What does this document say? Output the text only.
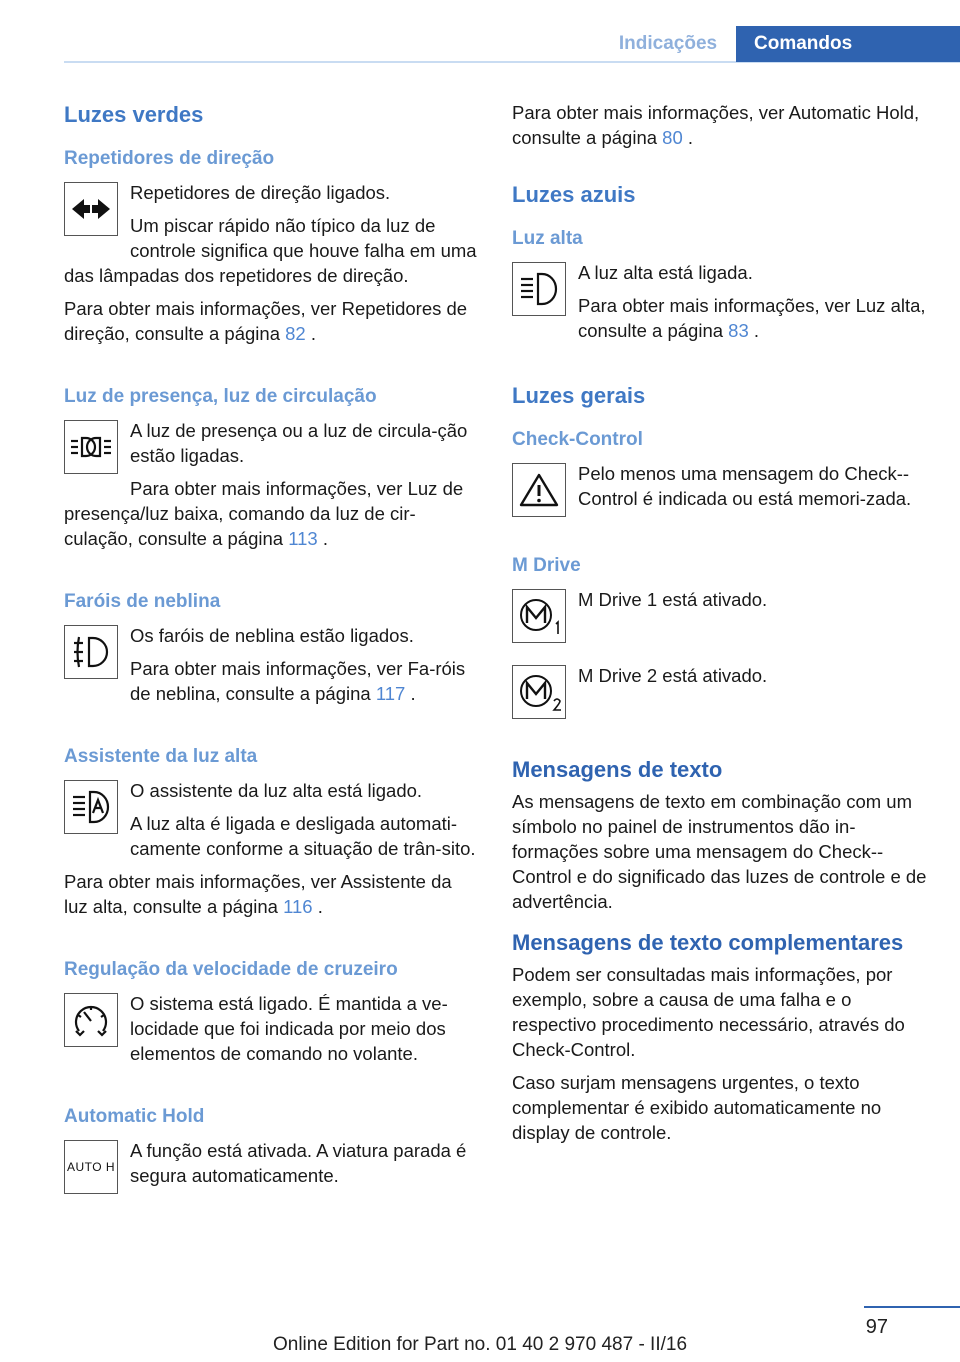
Indicações	Comandos
Luzes verdes
Repetidores de direção
Repetidores de direção ligados.
Um piscar rápido não típico da luz de controle significa que houve falha em uma das lâmpadas dos repetidores de direção.
Para obter mais informações, ver Repetidores de direção, consulte a página 82 .
Luz de presença, luz de circulação
A luz de presença ou a luz de circula‐ção estão ligadas.
Para obter mais informações, ver Luz de presença/luz baixa, comando da luz de cir‐culação, consulte a página 113 .
Faróis de neblina
Os faróis de neblina estão ligados.
Para obter mais informações, ver Fa‐róis de neblina, consulte a página 117 .
Assistente da luz alta
O assistente da luz alta está ligado.
A luz alta é ligada e desligada automati‐camente conforme a situação de trân‐sito.
Para obter mais informações, ver Assistente da luz alta, consulte a página 116 .
Regulação da velocidade de cruzeiro
O sistema está ligado. É mantida a ve‐locidade que foi indicada por meio dos elementos de comando no volante.
Automatic Hold
AUTO H
A função está ativada. A viatura parada é segura automaticamente.
Para obter mais informações, ver Automatic Hold, consulte a página 80 .
Luzes azuis
Luz alta
A luz alta está ligada.
Para obter mais informações, ver Luz alta, consulte a página 83 .
Luzes gerais
Check-Control
Pelo menos uma mensagem do Check‐-Control é indicada ou está memori‐zada.
M Drive
M Drive 1 está ativado.
M Drive 2 está ativado.
Mensagens de texto
As mensagens de texto em combinação com um símbolo no painel de instrumentos dão in‐formações sobre uma mensagem do Check‐-Control e do significado das luzes de controle e de advertência.
Mensagens de texto complementares
Podem ser consultadas mais informações, por exemplo, sobre a causa de uma falha e o respectivo procedimento necessário, através do Check-Control.
Caso surjam mensagens urgentes, o texto complementar é exibido automaticamente no display de controle.
97
Online Edition for Part no. 01 40 2 970 487 - II/16
